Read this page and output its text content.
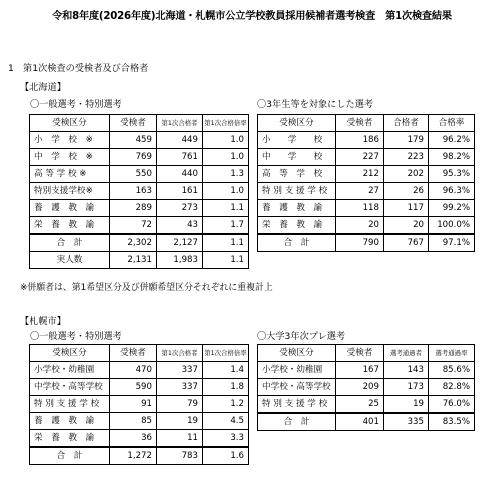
令和8年度(2026年度)北海道・札幌市公立学校教員採用候補者選考検査　第1次検査結果
1　第1次検査の受検者及び合格者
【北海道】
〇一般選考・特別選考	〇3年生等を対象にした選考
受検区分	受検者	第1次合格者	第1次合格倍率
小　学　校　※	459	449	1.0
中　学　校　※	769	761	1.0
高 等 学 校 ※	550	440	1.3
特別支援学校※	163	161	1.0
養　護　教　諭	289	273	1.1
栄　養　教　諭	72	43	1.7
合　計	2,302	2,127	1.1
実人数	2,131	1,983	1.1
受検区分	受検者	合格者	合格率
小　　学　　校	186	179	96.2%
中　　学　　校	227	223	98.2%
高　等　学　校	212	202	95.3%
特 別 支 援 学 校	27	26	96.3%
養　護　教　諭	118	117	99.2%
栄　養　教　諭	20	20	100.0%
合　計	790	767	97.1%
※併願者は、第1希望区分及び併願希望区分それぞれに重複計上
【札幌市】
〇一般選考・特別選考	〇大学3年次プレ選考
受検区分	受検者	第1次合格者	第1次合格倍率
小学校・幼稚園	470	337	1.4
中学校・高等学校	590	337	1.8
特 別 支 援 学 校	91	79	1.2
養　護　教　諭	85	19	4.5
栄　養　教　諭	36	11	3.3
合　計	1,272	783	1.6
受検区分	受検者	選考通過者	選考通過率
小学校・幼稚園	167	143	85.6%
中学校・高等学校	209	173	82.8%
特 別 支 援 学 校	25	19	76.0%
合　計	401	335	83.5%
